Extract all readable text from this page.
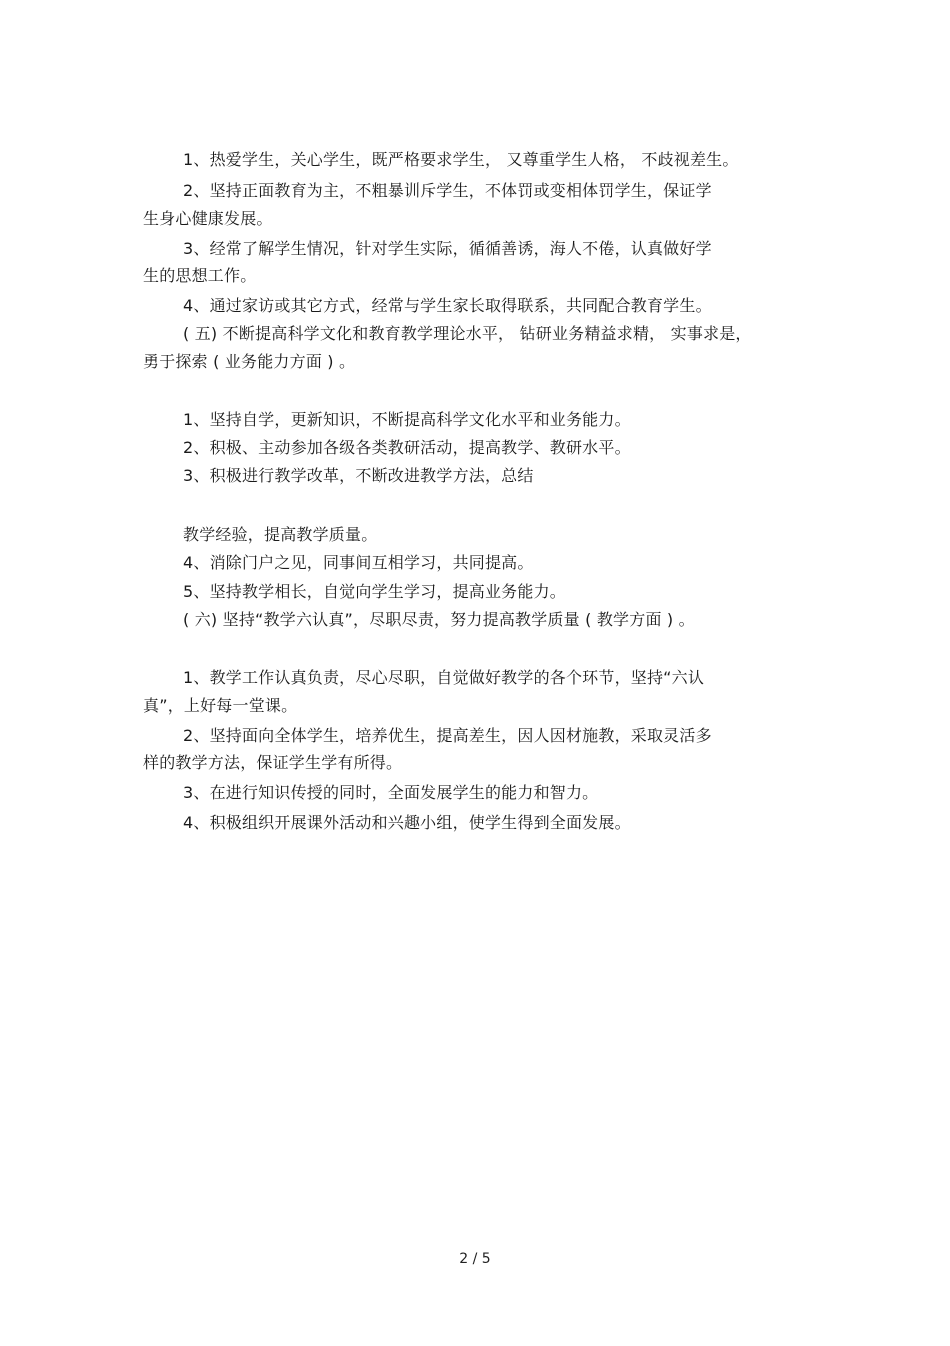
1、热爱学生，关心学生，既严格要求学生， 又尊重学生人格， 不歧视差生。
2、坚持正面教育为主，不粗暴训斥学生，不体罚或变相体罚学生，保证学
生身心健康发展。
3、经常了解学生情况，针对学生实际，循循善诱，海人不倦，认真做好学
生的思想工作。
4、通过家访或其它方式，经常与学生家长取得联系，共同配合教育学生。
( 五) 不断提高科学文化和教育教学理论水平， 钻研业务精益求精， 实事求是，
勇于探索 ( 业务能力方面 ) 。
1、坚持自学，更新知识，不断提高科学文化水平和业务能力。
2、积极、主动参加各级各类教研活动，提高教学、教研水平。
3、积极进行教学改革，不断改进教学方法，总结
教学经验，提高教学质量。
4、消除门户之见，同事间互相学习，共同提高。
5、坚持教学相长，自觉向学生学习，提高业务能力。
( 六) 坚持“教学六认真”，尽职尽责，努力提高教学质量 ( 教学方面 ) 。
1、教学工作认真负责，尽心尽职，自觉做好教学的各个环节，坚持“六认
真”，上好每一堂课。
2、坚持面向全体学生，培养优生，提高差生，因人因材施教，采取灵活多
样的教学方法，保证学生学有所得。
3、在进行知识传授的同时，全面发展学生的能力和智力。
4、积极组织开展课外活动和兴趣小组，使学生得到全面发展。
2 / 5
